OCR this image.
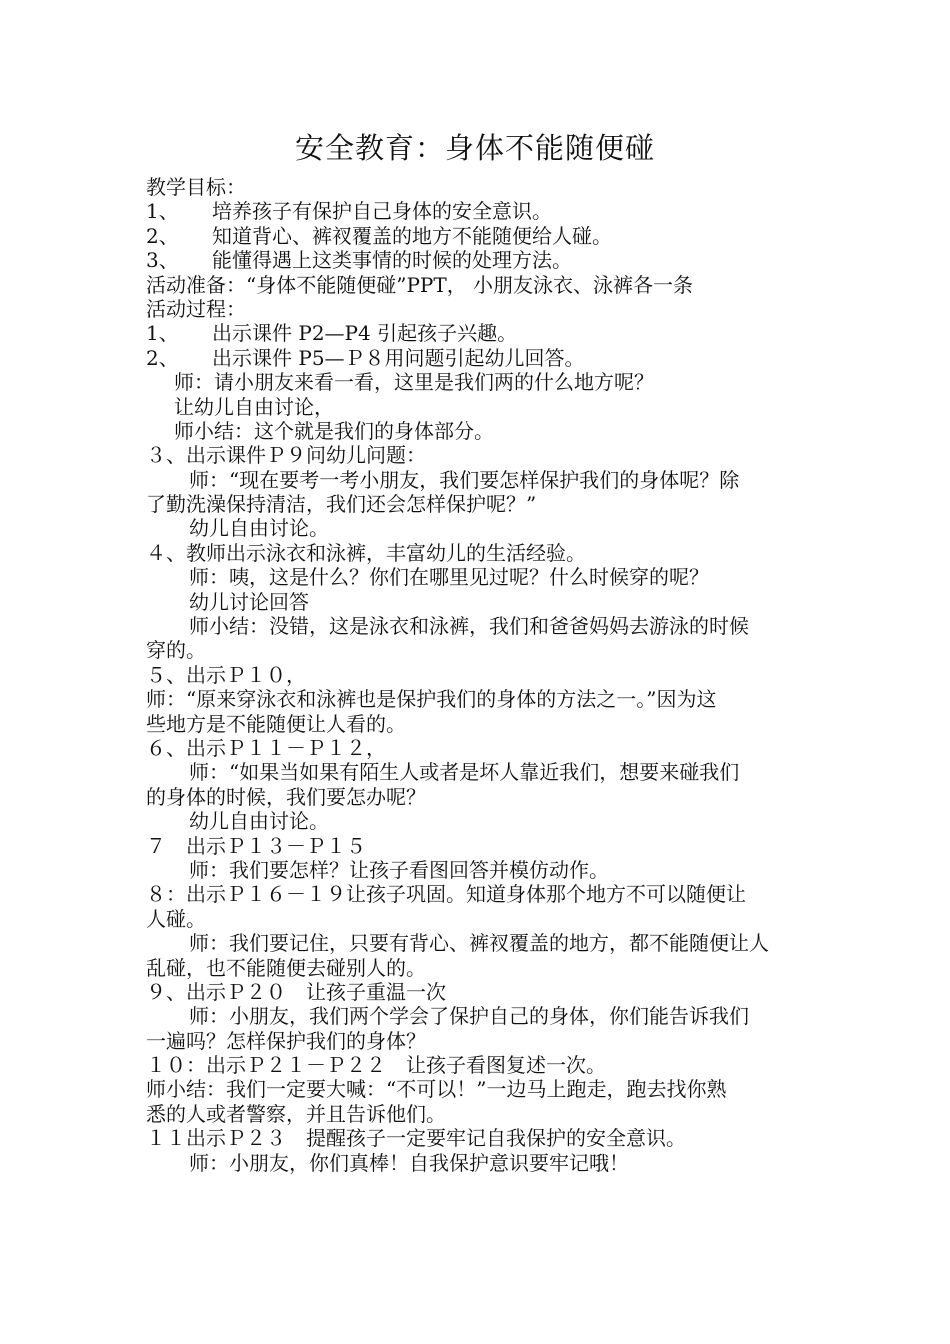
安全教育：身体不能随便碰
教学目标：
1、 培养孩子有保护自己身体的安全意识。
2、 知道背心、裤衩覆盖的地方不能随便给人碰。
3、 能懂得遇上这类事情的时候的处理方法。
活动准备：“身体不能随便碰”PPT， 小朋友泳衣、泳裤各一条
活动过程：
1、 出示课件 P2—P4 引起孩子兴趣。
2、 出示课件 P5—Ｐ８用问题引起幼儿回答。
师：请小朋友来看一看，这里是我们两的什么地方呢？
让幼儿自由讨论，
师小结：这个就是我们的身体部分。
３、出示课件Ｐ９问幼儿问题：
师：“现在要考一考小朋友，我们要怎样保护我们的身体呢？除
了勤洗澡保持清洁，我们还会怎样保护呢？”
幼儿自由讨论。
４、教师出示泳衣和泳裤，丰富幼儿的生活经验。
师：咦，这是什么？你们在哪里见过呢？什么时候穿的呢？
幼儿讨论回答
师小结：没错，这是泳衣和泳裤，我们和爸爸妈妈去游泳的时候
穿的。
５、出示Ｐ１０，
师：“原来穿泳衣和泳裤也是保护我们的身体的方法之一。”因为这
些地方是不能随便让人看的。
６、出示Ｐ１１－Ｐ１２，
师：“如果当如果有陌生人或者是坏人靠近我们，想要来碰我们
的身体的时候，我们要怎办呢？
幼儿自由讨论。
７　出示Ｐ１３－Ｐ１５
师：我们要怎样？让孩子看图回答并模仿动作。
８：出示Ｐ１６－１９让孩子巩固。知道身体那个地方不可以随便让
人碰。
师：我们要记住，只要有背心、裤衩覆盖的地方，都不能随便让人
乱碰，也不能随便去碰别人的。
９、出示Ｐ２０　让孩子重温一次
师：小朋友，我们两个学会了保护自己的身体，你们能告诉我们
一遍吗？怎样保护我们的身体？
１０：出示Ｐ２１－Ｐ２２　让孩子看图复述一次。
师小结：我们一定要大喊：“不可以！”一边马上跑走，跑去找你熟
悉的人或者警察，并且告诉他们。
１１出示Ｐ２３　提醒孩子一定要牢记自我保护的安全意识。
师：小朋友，你们真棒！自我保护意识要牢记哦！
